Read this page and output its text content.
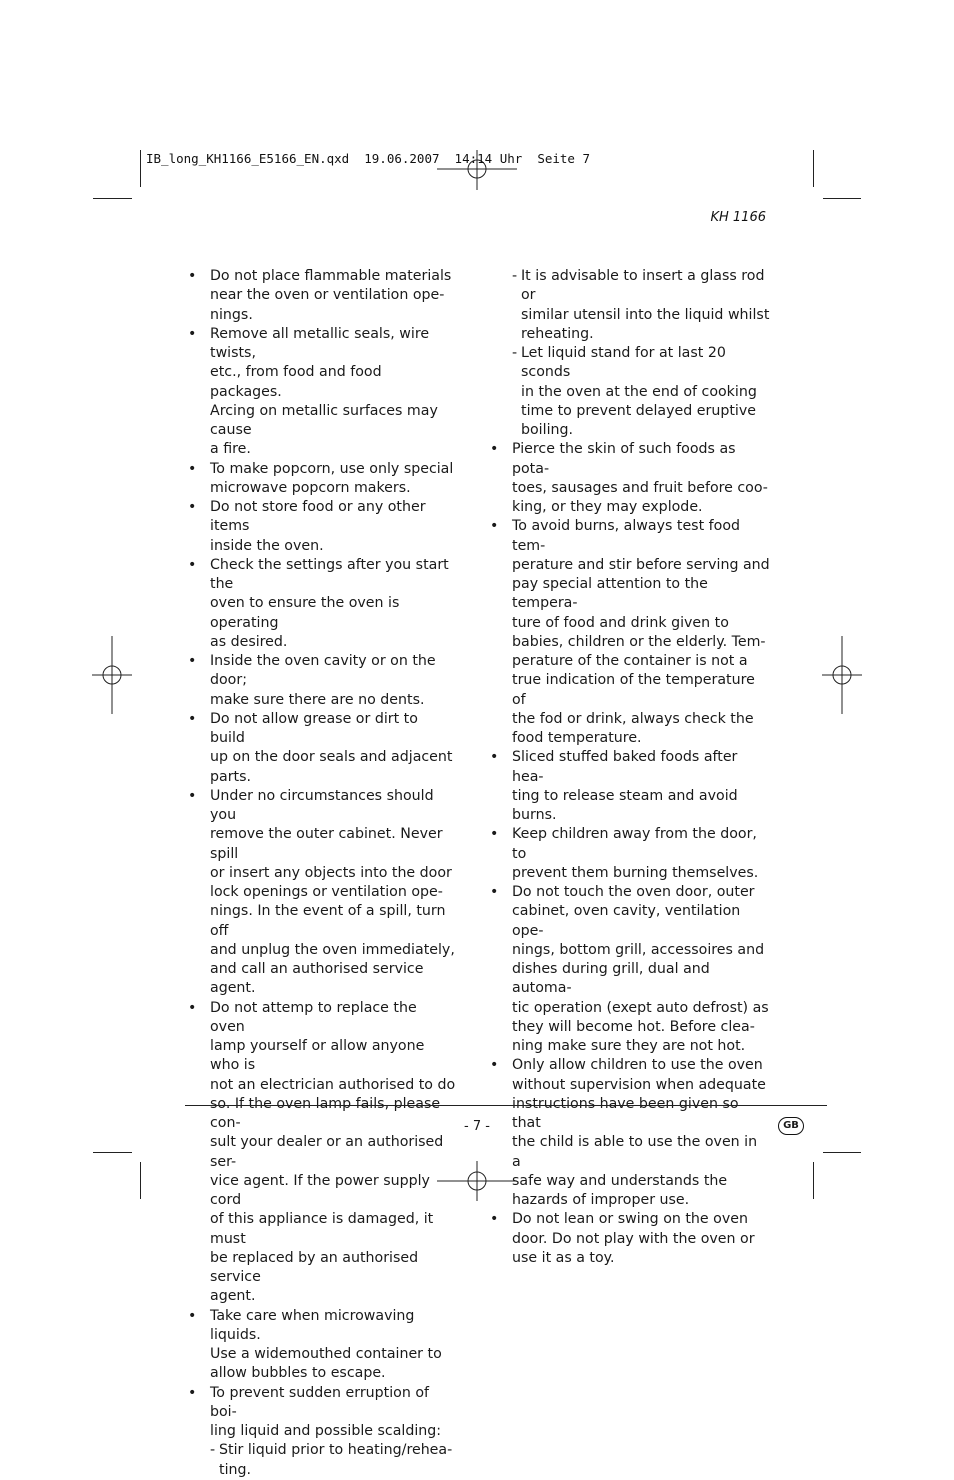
IB_long_KH1166_E5166_EN.qxd  19.06.2007  14:14 Uhr  Seite 7
KH 1166

• Do not place flammable materials
near the oven or ventilation ope-
nings.

• Remove all metallic seals, wire twists,
etc., from food and food packages.
Arcing on metallic surfaces may cause
a fire.

• To make popcorn, use only special
microwave popcorn makers.

• Do not store food or any other items
inside the oven.

• Check the settings after you start the
oven to ensure the oven is operating
as desired.

• Inside the oven cavity or on the door;
make sure there are no dents.

• Do not allow grease or dirt to build
up on the door seals and adjacent
parts.

• Under no circumstances should you
remove the outer cabinet. Never spill
or insert any objects into the door
lock openings or ventilation ope-
nings. In the event of a spill, turn off
and unplug the oven immediately,
and call an authorised service agent.

• Do not attemp to replace the oven
lamp yourself or allow anyone who is
not an electrician authorised to do
so. If the oven lamp fails, please con-
sult your dealer or an authorised ser-
vice agent. If the power supply cord
of this appliance is damaged, it must
be replaced by an authorised service
agent.

• Take care when microwaving liquids.
Use a widemouthed container to
allow bubbles to escape.

• To prevent sudden erruption of boi-
ling liquid and possible scalding:

- Stir liquid prior to heating/rehea-
ting.

- It is advisable to insert a glass rod or
similar utensil into the liquid whilst
reheating.

- Let liquid stand for at last 20 sconds
in the oven at the end of cooking
time to prevent delayed eruptive
boiling.

• Pierce the skin of such foods as pota-
toes, sausages and fruit before coo-
king, or they may explode.

• To avoid burns, always test food tem-
perature and stir before serving and
pay special attention to the tempera-
ture of food and drink given to
babies, children or the elderly. Tem-
perature of the container is not a
true indication of the temperature of
the fod or drink, always check the
food temperature.

• Sliced stuffed baked foods after hea-
ting to release steam and avoid
burns.

• Keep children away from the door, to
prevent them burning themselves.

• Do not touch the oven door, outer
cabinet, oven cavity, ventilation ope-
nings, bottom grill, accessoires and
dishes during grill, dual and automa-
tic operation (exept auto defrost) as
they will become hot. Before clea-
ning make sure they are not hot.

• Only allow children to use the oven
without supervision when adequate
instructions have been given so that
the child is able to use the oven in a
safe way and understands the
hazards of improper use.

• Do not lean or swing on the oven
door. Do not play with the oven or
use it as a toy.

- 7 -	GB
